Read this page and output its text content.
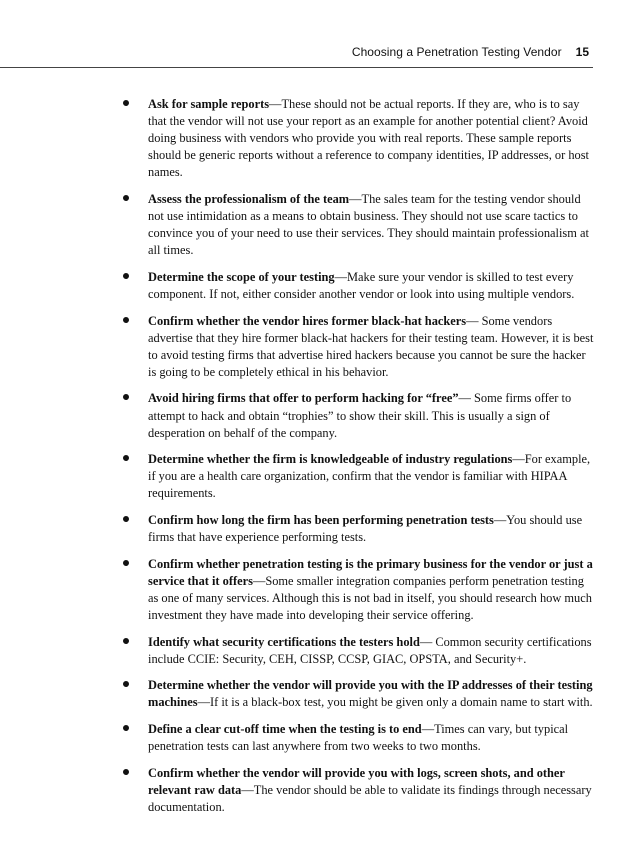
Choosing a Penetration Testing Vendor 15
Ask for sample reports—These should not be actual reports. If they are, who is to say that the vendor will not use your report as an example for another potential client? Avoid doing business with vendors who provide you with real reports. These sample reports should be generic reports without a reference to company identities, IP addresses, or host names.
Assess the professionalism of the team—The sales team for the testing vendor should not use intimidation as a means to obtain business. They should not use scare tactics to convince you of your need to use their services. They should maintain professionalism at all times.
Determine the scope of your testing—Make sure your vendor is skilled to test every component. If not, either consider another vendor or look into using multiple vendors.
Confirm whether the vendor hires former black-hat hackers— Some vendors advertise that they hire former black-hat hackers for their testing team. However, it is best to avoid testing firms that advertise hired hackers because you cannot be sure the hacker is going to be completely ethical in his behavior.
Avoid hiring firms that offer to perform hacking for “free”— Some firms offer to attempt to hack and obtain “trophies” to show their skill. This is usually a sign of desperation on behalf of the company.
Determine whether the firm is knowledgeable of industry regulations—For example, if you are a health care organization, confirm that the vendor is familiar with HIPAA requirements.
Confirm how long the firm has been performing penetration tests—You should use firms that have experience performing tests.
Confirm whether penetration testing is the primary business for the vendor or just a service that it offers—Some smaller integration companies perform penetration testing as one of many services. Although this is not bad in itself, you should research how much investment they have made into developing their service offering.
Identify what security certifications the testers hold— Common security certifications include CCIE: Security, CEH, CISSP, CCSP, GIAC, OPSTA, and Security+.
Determine whether the vendor will provide you with the IP addresses of their testing machines—If it is a black-box test, you might be given only a domain name to start with.
Define a clear cut-off time when the testing is to end—Times can vary, but typical penetration tests can last anywhere from two weeks to two months.
Confirm whether the vendor will provide you with logs, screen shots, and other relevant raw data—The vendor should be able to validate its findings through necessary documentation.
